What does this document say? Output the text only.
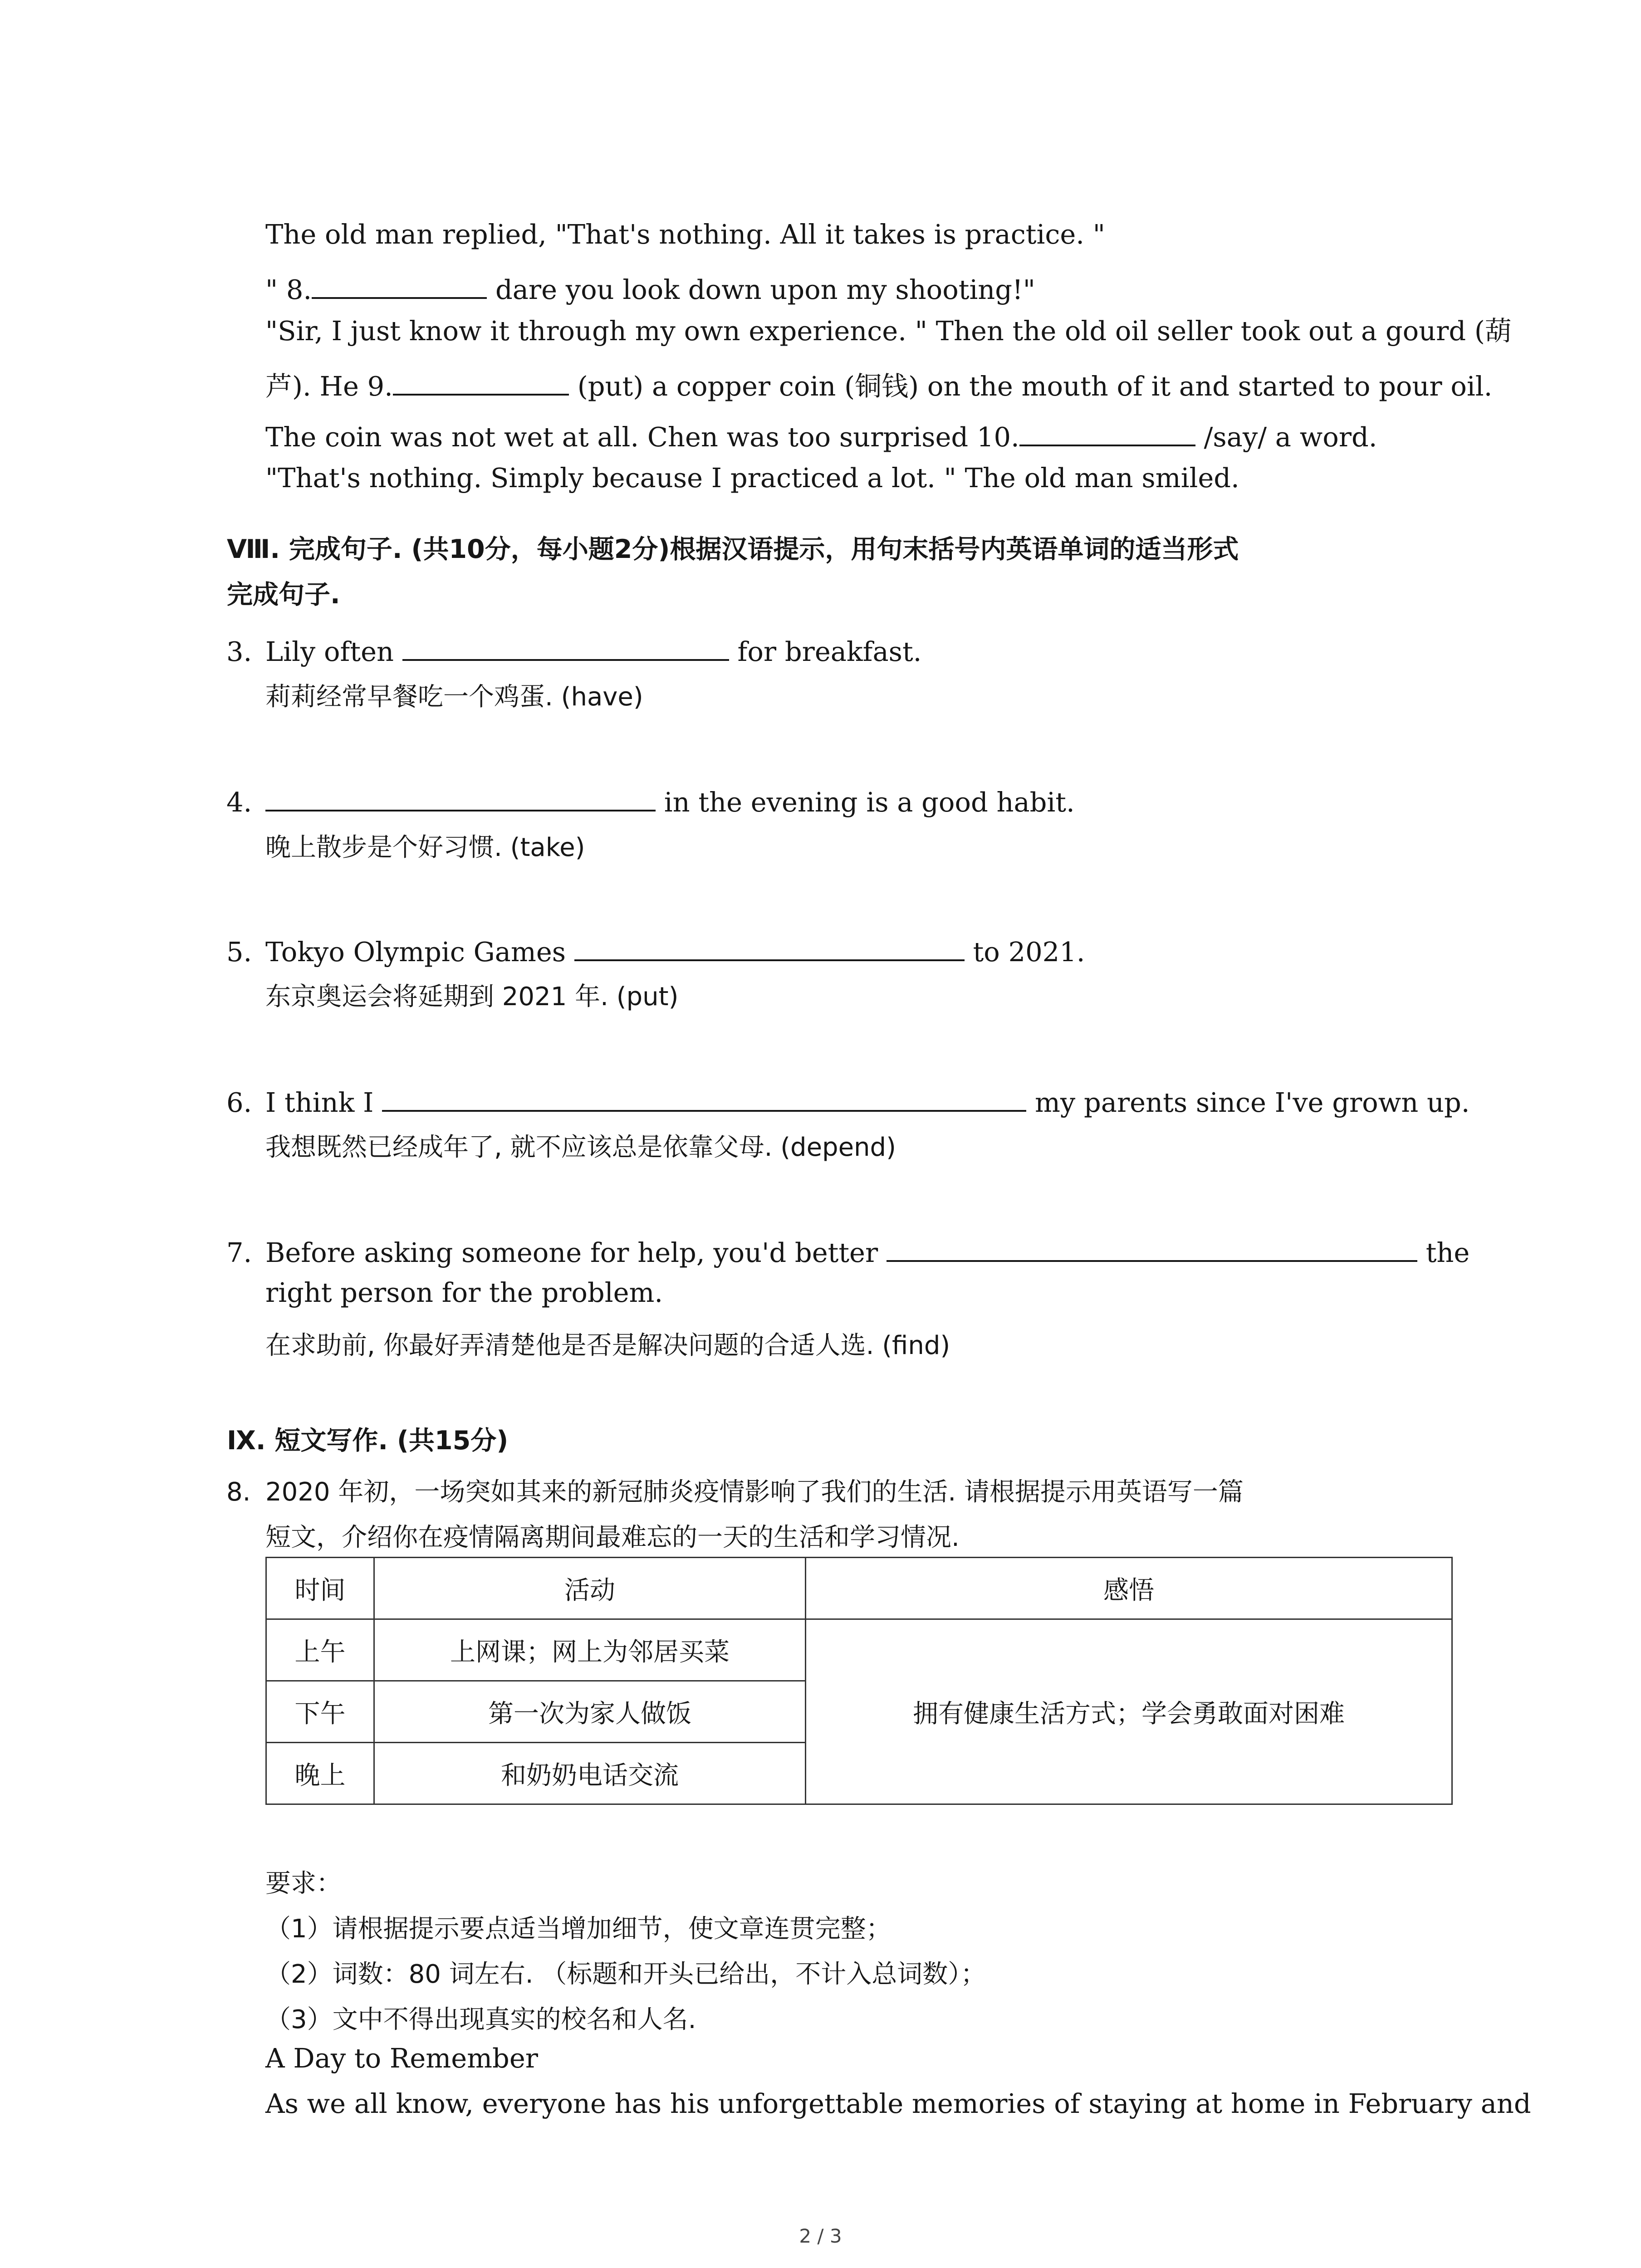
The old man replied, "That's nothing. All it takes is practice. "
" 8.	dare you look down upon my shooting!"
"Sir, I just know it through my own experience. " Then the old oil seller took out a gourd (葫
芦). He 9.	(put) a copper coin (铜钱) on the mouth of it and started to pour oil.
The coin was not wet at all. Chen was too surprised 10.	/say/ a word.
"That's nothing. Simply because I practiced a lot. " The old man smiled.
Ⅷ. 完成句子. (共10分，每小题2分)根据汉语提示，用句末括号内英语单词的适当形式
完成句子.
3. Lily often	for breakfast.
莉莉经常早餐吃一个鸡蛋. (have)
4.	in the evening is a good habit.
晚上散步是个好习惯. (take)
5. Tokyo Olympic Games	to 2021.
东京奥运会将延期到 2021 年. (put)
6. I think I	my parents since I've grown up.
我想既然已经成年了, 就不应该总是依靠父母. (depend)
7. Before asking someone for help, you'd better	the
right person for the problem.
在求助前, 你最好弄清楚他是否是解决问题的合适人选. (find)
Ⅸ. 短文写作. (共15分)
8. 2020 年初，一场突如其来的新冠肺炎疫情影响了我们的生活. 请根据提示用英语写一篇
短文，介绍你在疫情隔离期间最难忘的一天的生活和学习情况.
时间	活动	感悟
上午	上网课；网上为邻居买菜	拥有健康生活方式；学会勇敢面对困难
下午	第一次为家人做饭	
晚上	和奶奶电话交流	
要求：
（1）请根据提示要点适当增加细节，使文章连贯完整；
（2）词数：80 词左右. （标题和开头已给出，不计入总词数）；
（3）文中不得出现真实的校名和人名.
A Day to Remember
As we all know, everyone has his unforgettable memories of staying at home in February and
2 / 3
